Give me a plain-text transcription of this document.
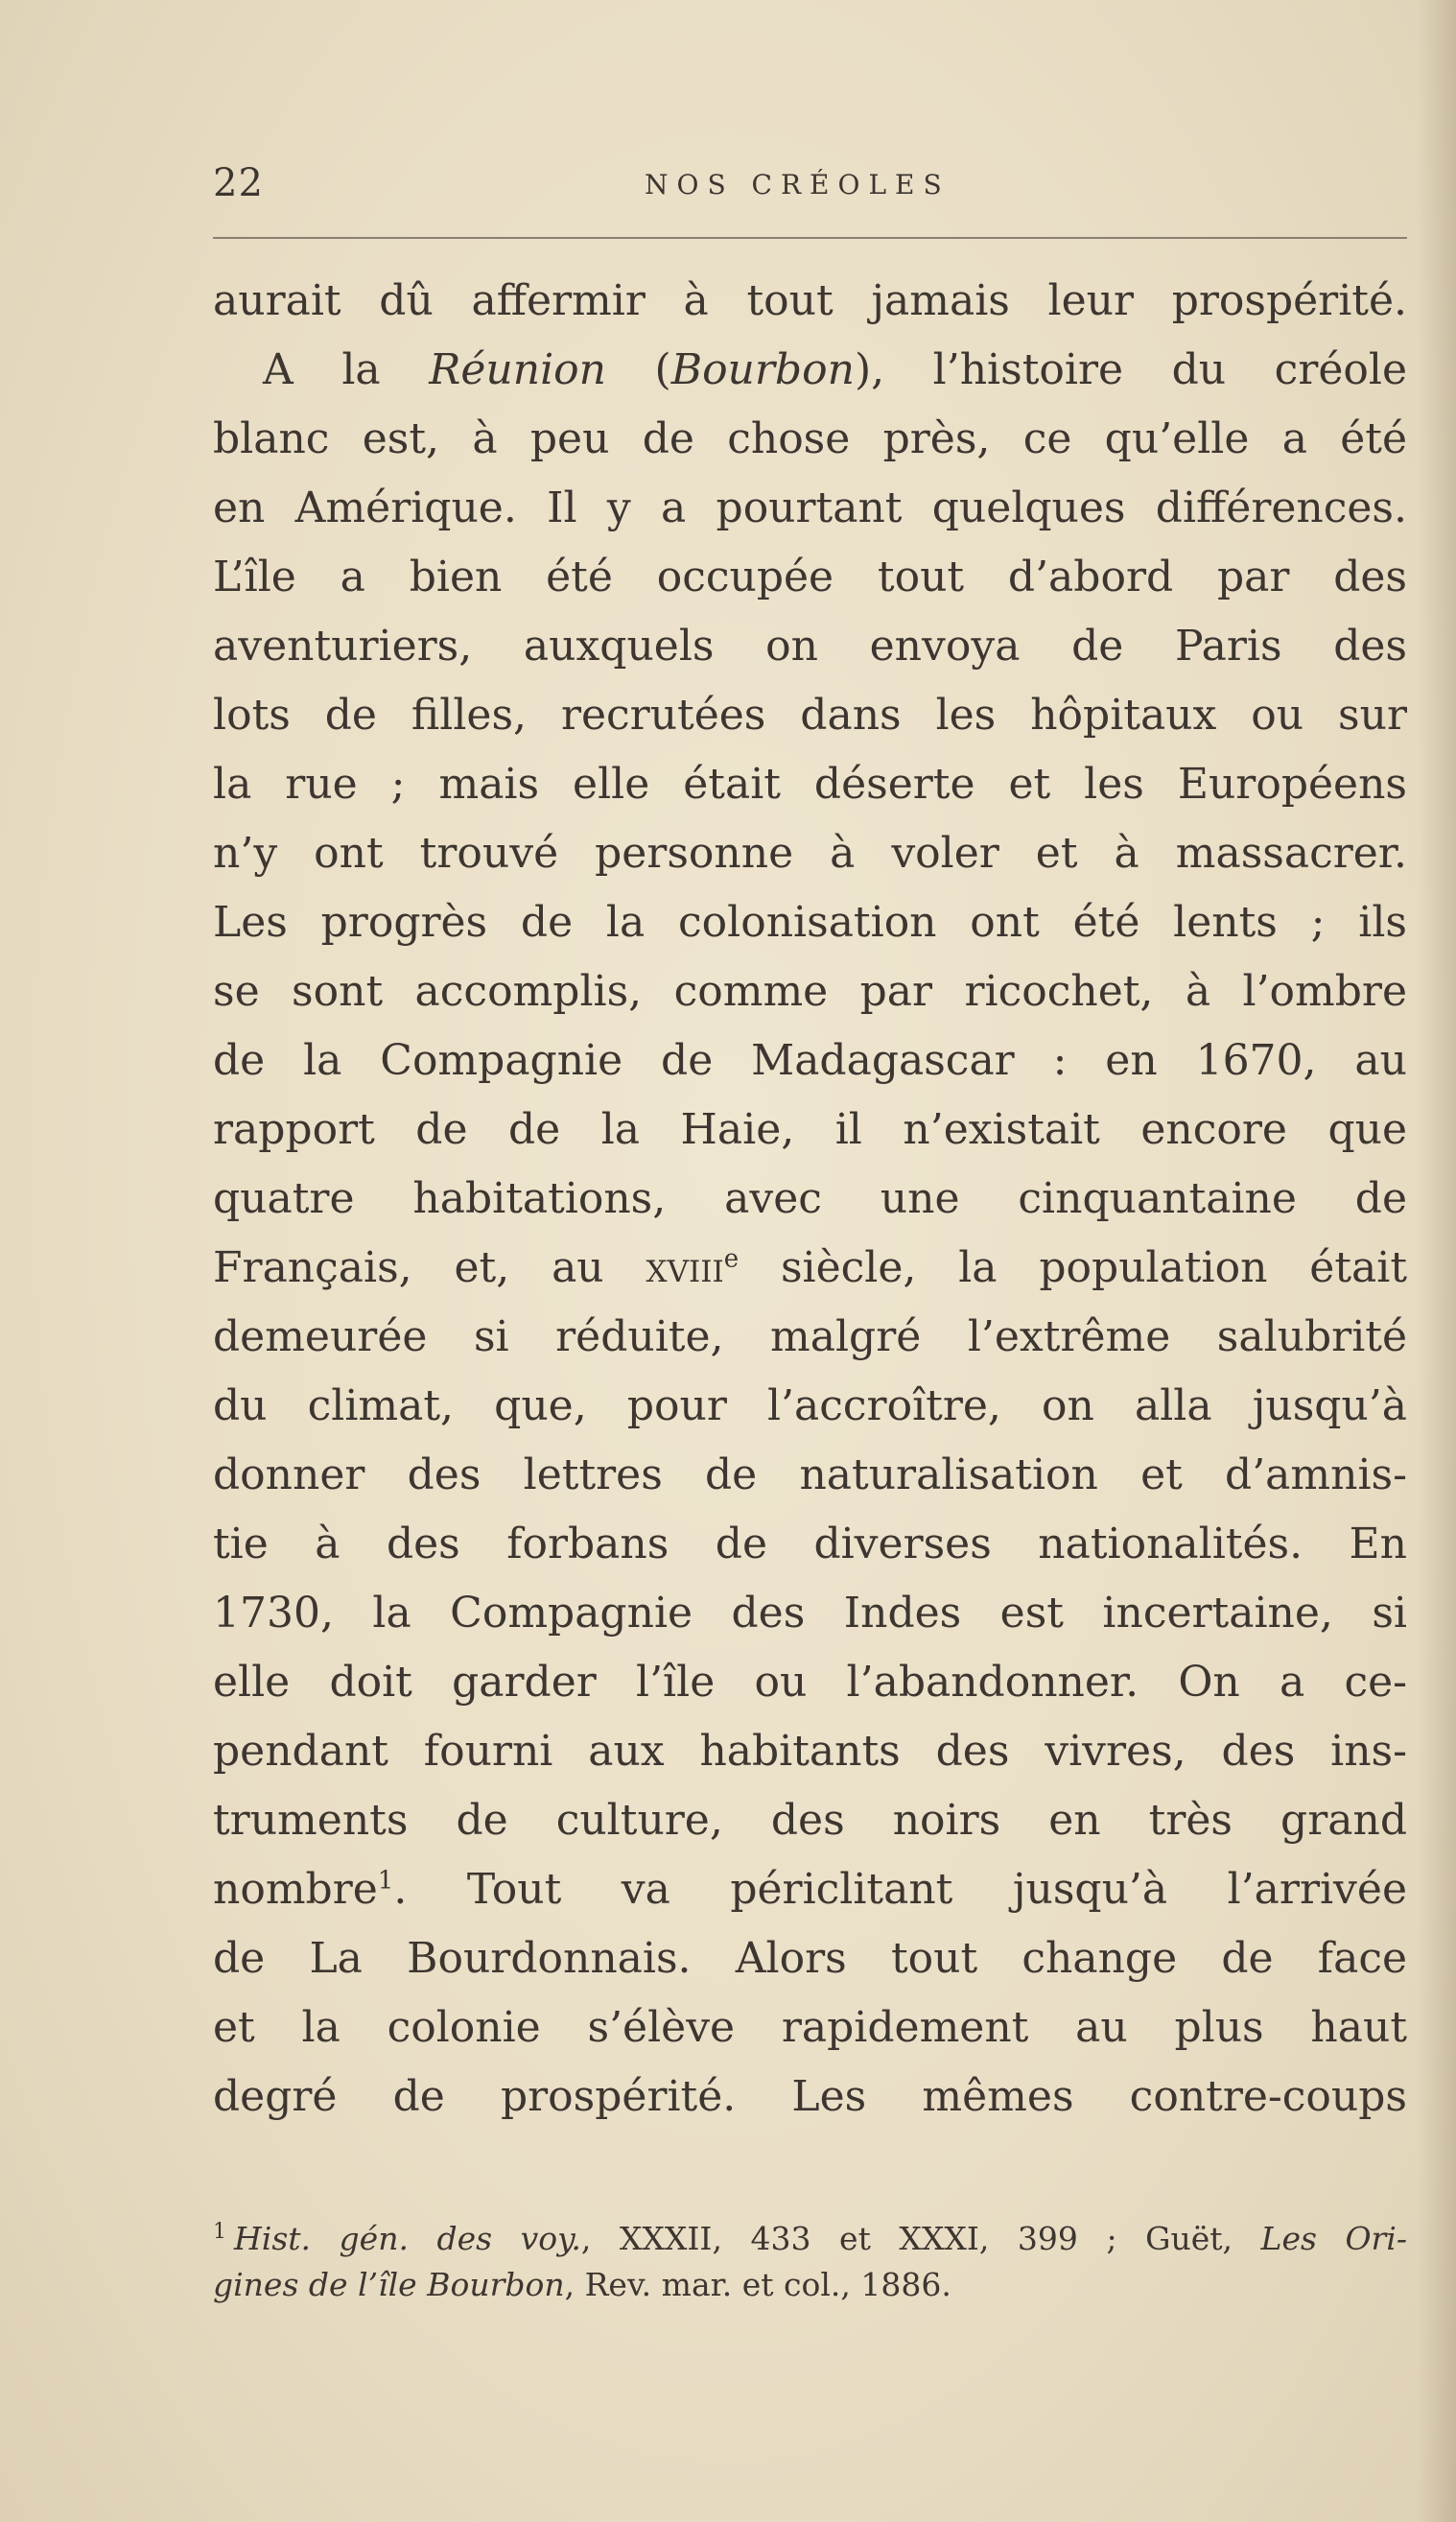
22	NOS CRÉOLES
aurait dû affermir à tout jamais leur prospérité.
A la Réunion (Bourbon), l’histoire du créole
blanc est, à peu de chose près, ce qu’elle a été
en Amérique. Il y a pourtant quelques différences.
L’île a bien été occupée tout d’abord par des
aventuriers, auxquels on envoya de Paris des
lots de filles, recrutées dans les hôpitaux ou sur
la rue ; mais elle était déserte et les Européens
n’y ont trouvé personne à voler et à massacrer.
Les progrès de la colonisation ont été lents ; ils
se sont accomplis, comme par ricochet, à l’ombre
de la Compagnie de Madagascar : en 1670, au
rapport de de la Haie, il n’existait encore que
quatre habitations, avec une cinquantaine de
Français, et, au xviii$^e$ siècle, la population était
demeurée si réduite, malgré l’extrême salubrité
du climat, que, pour l’accroître, on alla jusqu’à
donner des lettres de naturalisation et d’amnis-
tie à des forbans de diverses nationalités. En
1730, la Compagnie des Indes est incertaine, si
elle doit garder l’île ou l’abandonner. On a ce-
pendant fourni aux habitants des vivres, des ins-
truments de culture, des noirs en très grand
nombre$^1$. Tout va périclitant jusqu’à l’arrivée
de La Bourdonnais. Alors tout change de face
et la colonie s’élève rapidement au plus haut
degré de prospérité. Les mêmes contre-coups
$^1$ Hist. gén. des voy., XXXII, 433 et XXXI, 399 ; Guët, Les Ori-
gines de l’île Bourbon, Rev. mar. et col., 1886.
